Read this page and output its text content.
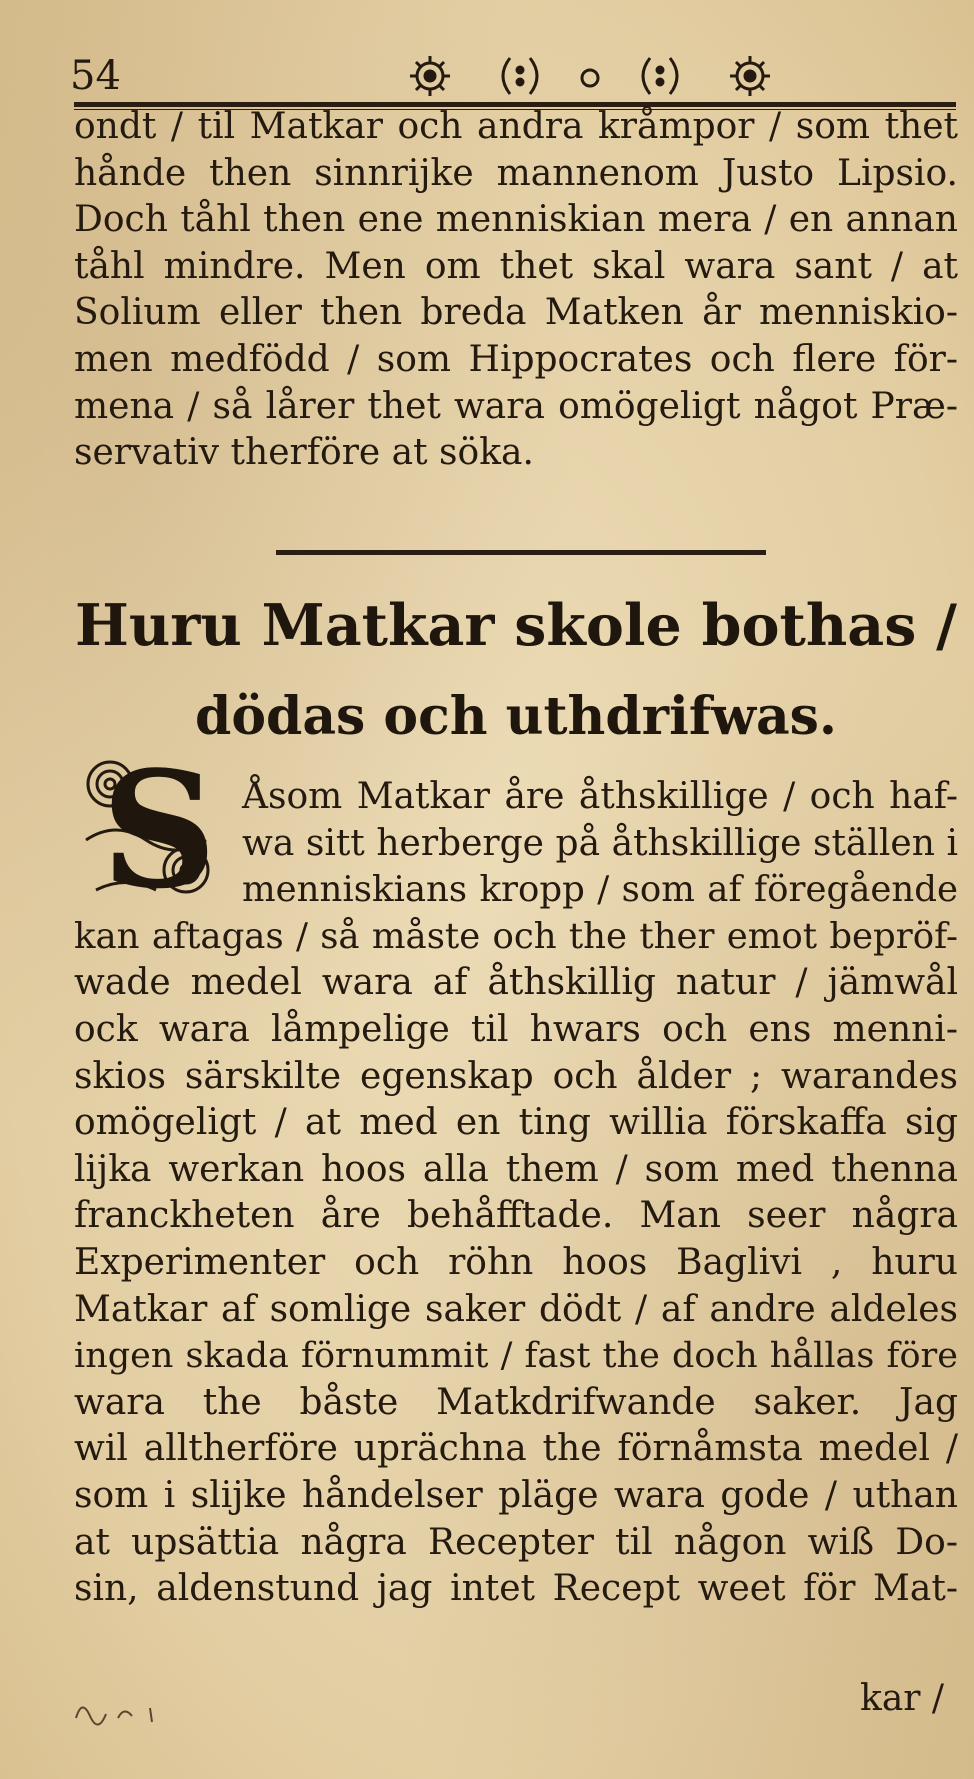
54
ondt / til Matkar och andra kråmpor / som thet
hånde then sinnrijke mannenom Justo Lipsio.
Doch tåhl then ene menniskian mera / en annan
tåhl mindre. Men om thet skal wara sant / at
Solium eller then breda Matken år menniskio-
men medfödd / som Hippocrates och flere för-
mena / så lårer thet wara omögeligt något Præ-
servativ therföre at söka.
Huru Matkar skole bothas /
dödas och uthdrifwas.
S Åsom Matkar åre åthskillige / och haf-
wa sitt herberge på åthskillige ställen i
menniskians kropp / som af föregående
kan aftagas / så måste och the ther emot bepröf-
wade medel wara af åthskillig natur / jämwål
ock wara låmpelige til hwars och ens menni-
skios särskilte egenskap och ålder ; warandes
omögeligt / at med en ting willia förskaffa sig
lijka werkan hoos alla them / som med thenna
franckheten åre behåfftade. Man seer några
Experimenter och röhn hoos Baglivi , huru
Matkar af somlige saker dödt / af andre aldeles
ingen skada förnummit / fast the doch hållas före
wara the båste Matkdrifwande saker. Jag
wil alltherföre uprächna the förnåmsta medel /
som i slijke håndelser pläge wara gode / uthan
at upsättia några Recepter til någon wiß Do-
sin, aldenstund jag intet Recept weet för Mat-
kar /
